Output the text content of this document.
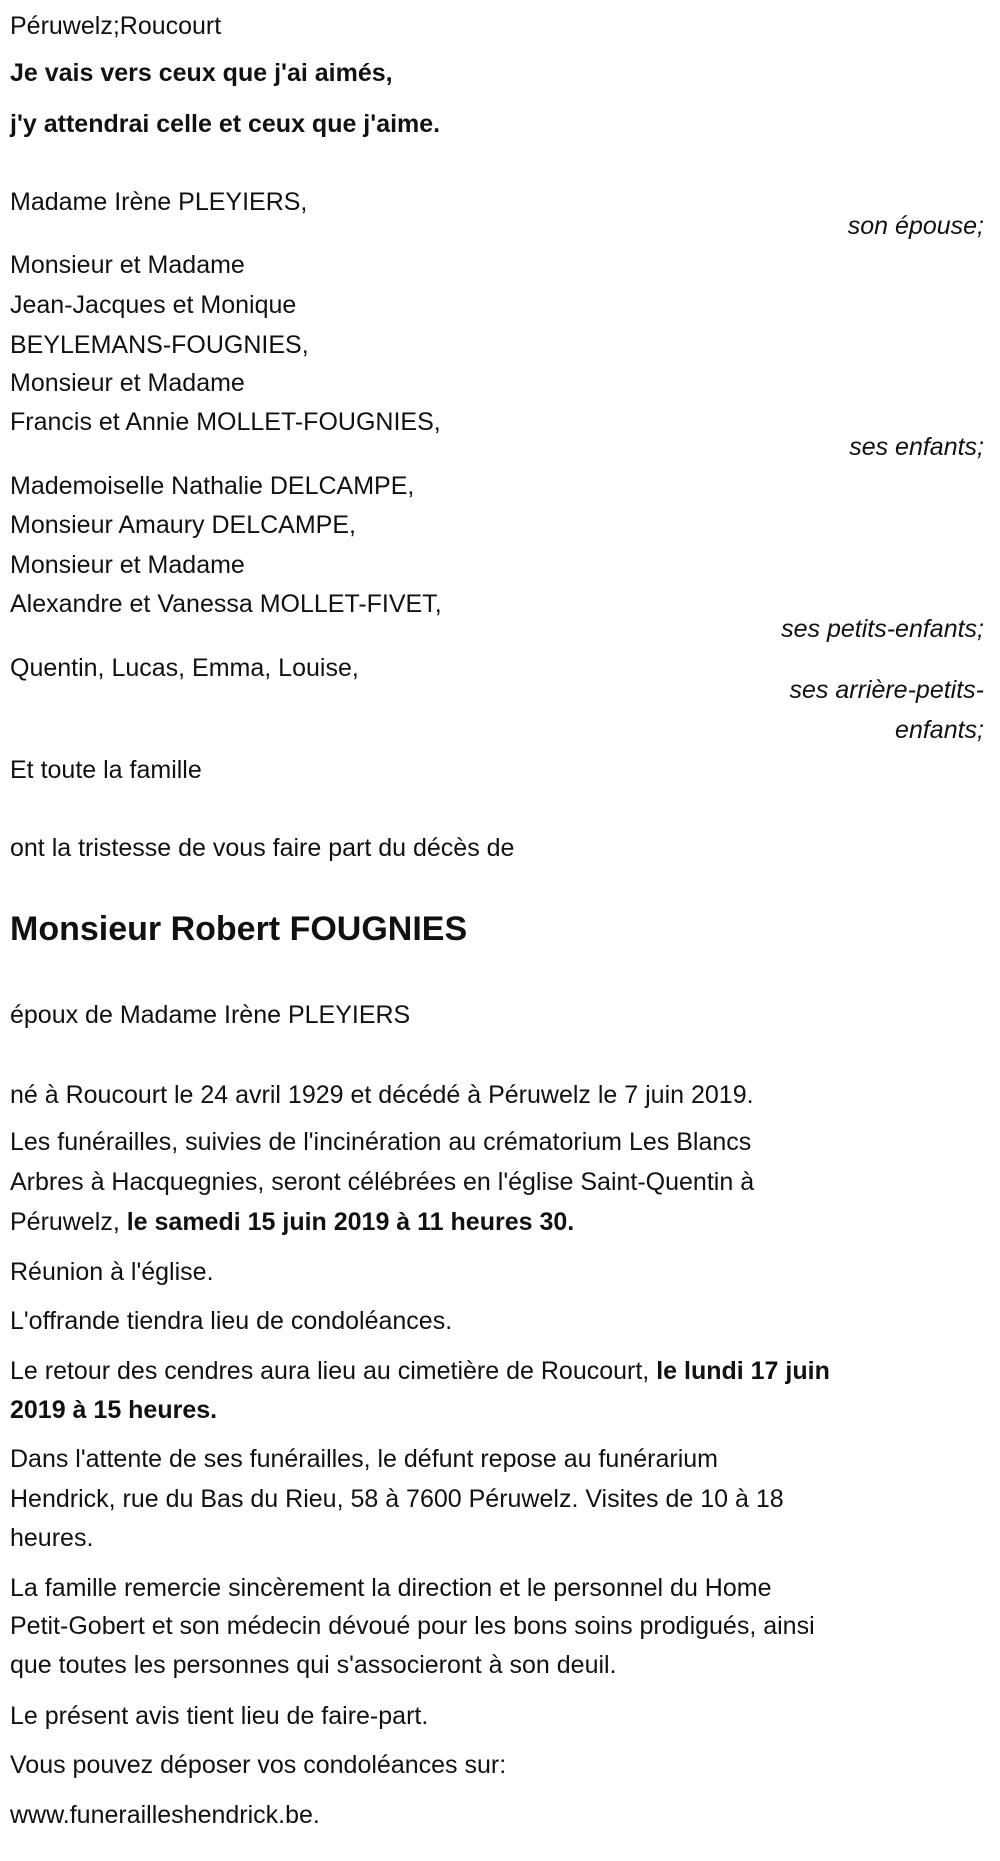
Péruwelz;Roucourt
Je vais vers ceux que j'ai aimés,
j'y attendrai celle et ceux que j'aime.
Madame Irène PLEYIERS,
son épouse;
Monsieur et Madame
Jean-Jacques et Monique
BEYLEMANS-FOUGNIES,
Monsieur et Madame
Francis et Annie MOLLET-FOUGNIES,
ses enfants;
Mademoiselle Nathalie DELCAMPE,
Monsieur Amaury DELCAMPE,
Monsieur et Madame
Alexandre et Vanessa MOLLET-FIVET,
ses petits-enfants;
Quentin, Lucas, Emma, Louise,
ses arrière-petits-
enfants;
Et toute la famille
ont la tristesse de vous faire part du décès de
Monsieur Robert FOUGNIES
époux de Madame Irène PLEYIERS
né à Roucourt le 24 avril 1929 et décédé à Péruwelz le 7 juin 2019.
Les funérailles, suivies de l'incinération au crématorium Les Blancs
Arbres à Hacquegnies, seront célébrées en l'église Saint-Quentin à
Péruwelz, le samedi 15 juin 2019 à 11 heures 30.
Réunion à l'église.
L'offrande tiendra lieu de condoléances.
Le retour des cendres aura lieu au cimetière de Roucourt, le lundi 17 juin
2019 à 15 heures.
Dans l'attente de ses funérailles, le défunt repose au funérarium
Hendrick, rue du Bas du Rieu, 58 à 7600 Péruwelz. Visites de 10 à 18
heures.
La famille remercie sincèrement la direction et le personnel du Home
Petit-Gobert et son médecin dévoué pour les bons soins prodigués, ainsi
que toutes les personnes qui s'associeront à son deuil.
Le présent avis tient lieu de faire-part.
Vous pouvez déposer vos condoléances sur:
www.funerailleshendrick.be.
